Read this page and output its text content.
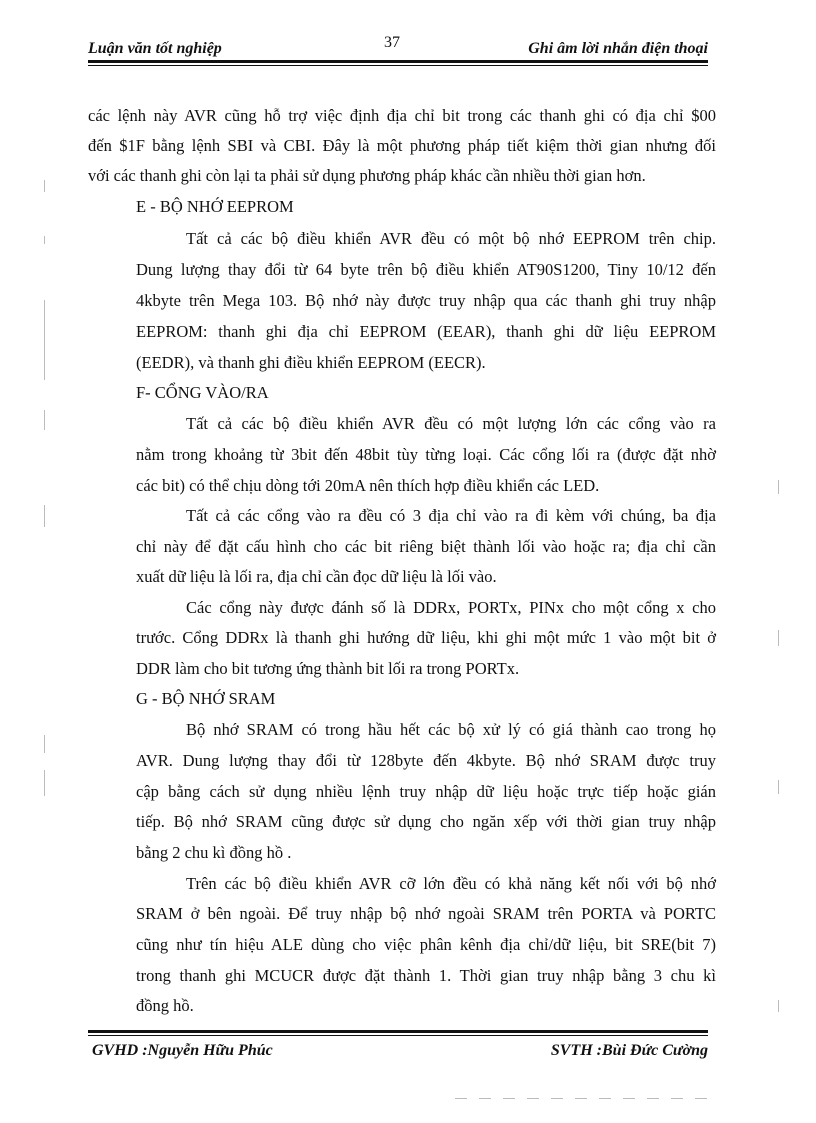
Luận văn tốt nghiệp	37	Ghi âm lời nhắn điện thoại
các lệnh này AVR cũng hỗ trợ việc định địa chỉ bit trong các thanh ghi có địa chỉ $00
đến $1F bằng lệnh SBI và CBI. Đây là một phương pháp tiết kiệm thời gian nhưng đối
với các thanh ghi còn lại ta phải sử dụng phương pháp khác cần nhiều thời gian hơn.
E - BỘ NHỚ EEPROM
Tất cả các bộ điều khiển AVR đều có một bộ nhớ EEPROM trên chip.
Dung lượng thay đổi từ 64 byte trên bộ điều khiển AT90S1200, Tiny 10/12 đến
4kbyte trên Mega 103. Bộ nhớ này được truy nhập qua các thanh ghi truy nhập
EEPROM: thanh ghi địa chỉ EEPROM (EEAR), thanh ghi dữ liệu EEPROM
(EEDR), và thanh ghi điều khiển EEPROM (EECR).
F- CỔNG VÀO/RA
Tất cả các bộ điều khiển AVR đều có một lượng lớn các cổng vào ra
nằm trong khoảng từ 3bit đến 48bit tùy từng loại. Các cổng lối ra (được đặt nhờ
các bit) có thể chịu dòng tới 20mA nên thích hợp điều khiển các LED.
Tất cả các cổng vào ra đều có 3 địa chỉ vào ra đi kèm với chúng, ba địa
chỉ này để đặt cấu hình cho các bit riêng biệt thành lối vào hoặc ra; địa chỉ cần
xuất dữ liệu là lối ra, địa chỉ cần đọc dữ liệu là lối vào.
Các cổng này được đánh số là DDRx, PORTx, PINx cho một cổng x cho
trước. Cổng DDRx là thanh ghi hướng dữ liệu, khi ghi một mức 1 vào một bit ở
DDR làm cho bit tương ứng thành bit lối ra trong PORTx.
G - BỘ NHỚ SRAM
Bộ nhớ SRAM có trong hầu hết các bộ xử lý có giá thành cao trong họ
AVR. Dung lượng thay đổi từ 128byte đến 4kbyte. Bộ nhớ SRAM được truy
cập bằng cách sử dụng nhiều lệnh truy nhập dữ liệu hoặc trực tiếp hoặc gián
tiếp. Bộ nhớ SRAM cũng được sử dụng cho ngăn xếp với thời gian truy nhập
bằng 2 chu kì đồng hồ .
Trên các bộ điều khiển AVR cỡ lớn đều có khả năng kết nối với bộ nhớ
SRAM ở bên ngoài. Để truy nhập bộ nhớ ngoài SRAM trên PORTA và PORTC
cũng như tín hiệu ALE dùng cho việc phân kênh địa chỉ/dữ liệu, bit SRE(bit 7)
trong thanh ghi MCUCR được đặt thành 1. Thời gian truy nhập bằng 3 chu kì
đồng hồ.
GVHD :Nguyễn Hữu Phúc	SVTH :Bùi Đức Cường
